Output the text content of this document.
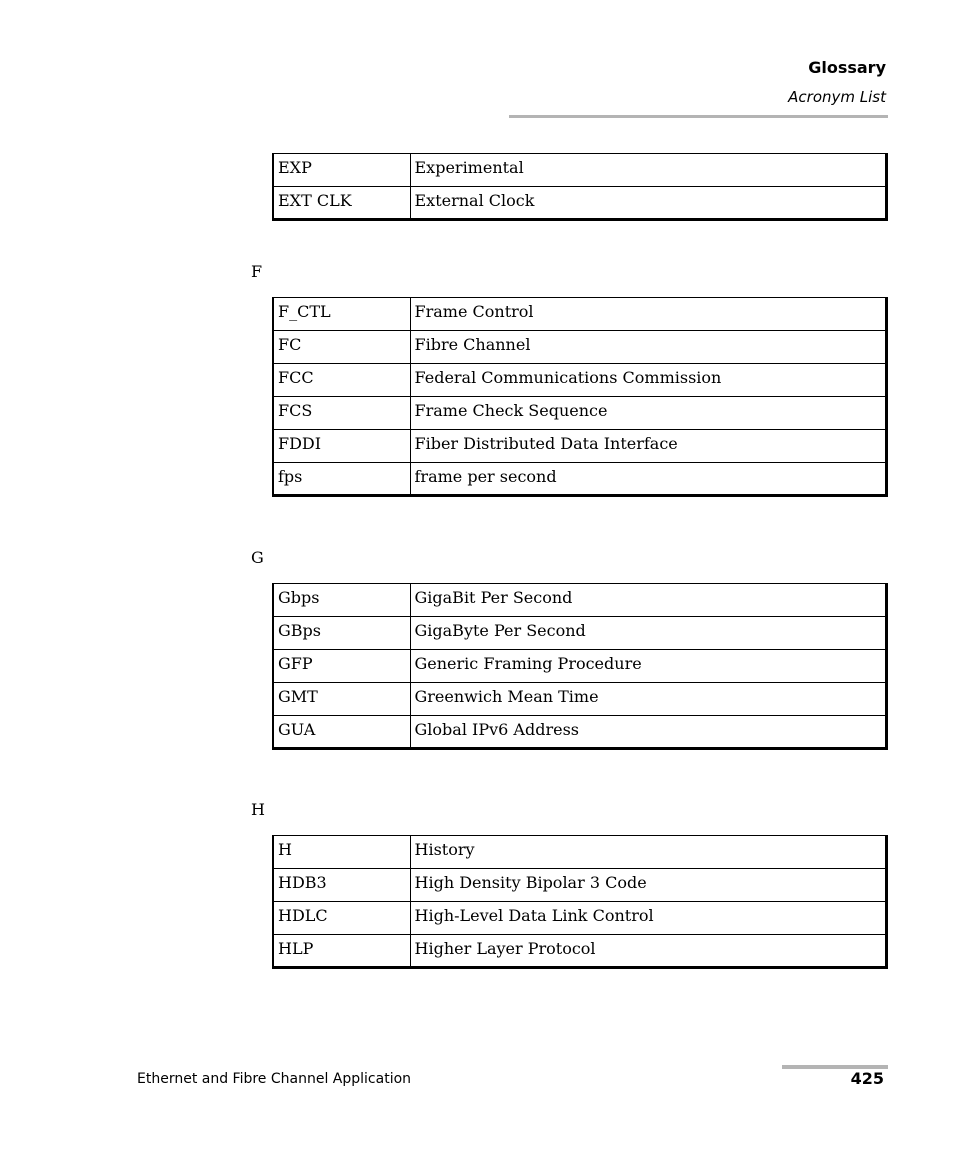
Glossary
Acronym List
EXP	Experimental
EXT CLK	External Clock
F
F_CTL	Frame Control
FC	Fibre Channel
FCC	Federal Communications Commission
FCS	Frame Check Sequence
FDDI	Fiber Distributed Data Interface
fps	frame per second
G
Gbps	GigaBit Per Second
GBps	GigaByte Per Second
GFP	Generic Framing Procedure
GMT	Greenwich Mean Time
GUA	Global IPv6 Address
H
H	History
HDB3	High Density Bipolar 3 Code
HDLC	High-Level Data Link Control
HLP	Higher Layer Protocol
Ethernet and Fibre Channel Application	425
